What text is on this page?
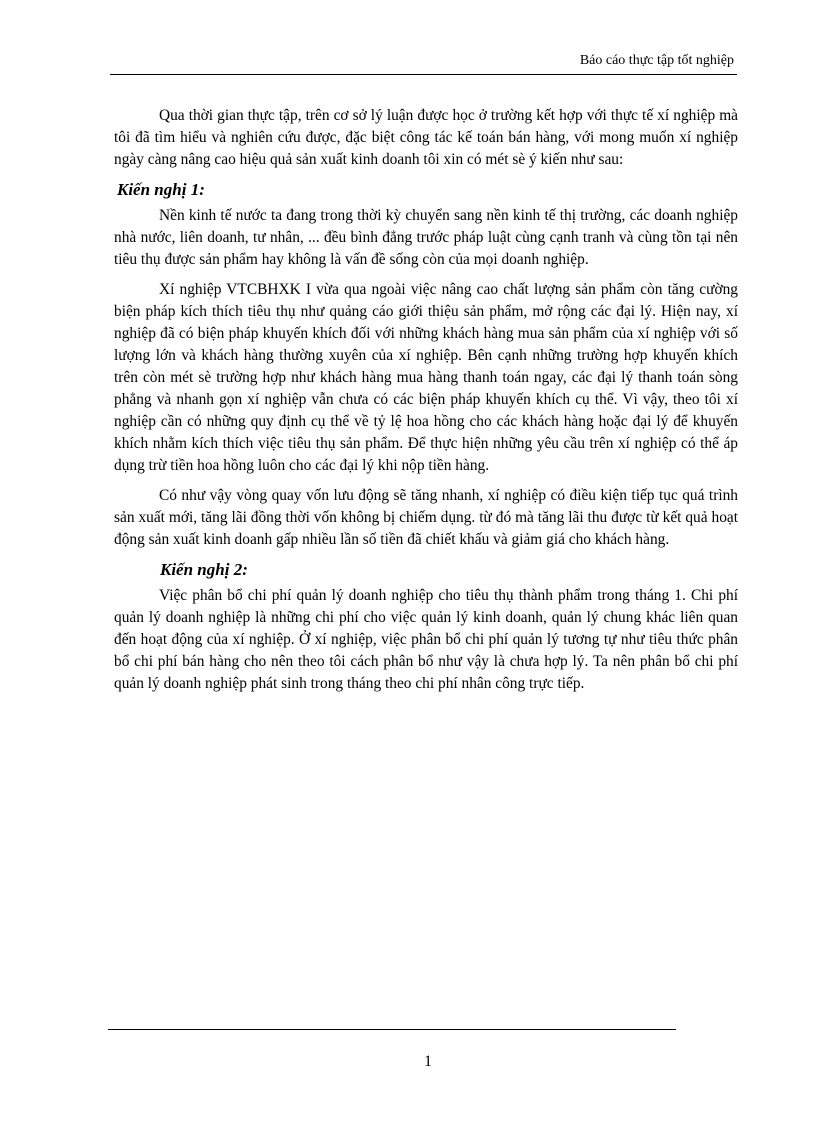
Báo cáo thực tập tốt nghiệp

Qua thời gian thực tập, trên cơ sở lý luận được học ở trường kết hợp với thực tế xí nghiệp mà tôi đã tìm hiểu và nghiên cứu được, đặc biệt công tác kế toán bán hàng, với mong muốn xí nghiệp ngày càng nâng cao hiệu quả sản xuất kinh doanh tôi xin có mét sè ý kiến như sau:

Kiến nghị 1:

Nền kinh tế nước ta đang trong thời kỳ chuyển sang nền kinh tế thị trường, các doanh nghiệp nhà nước, liên doanh, tư nhân, ... đều bình đẳng trước pháp luật cùng cạnh tranh và cùng tồn tại nên tiêu thụ được sản phẩm hay không là vấn đề sống còn của mọi doanh nghiệp.

Xí nghiệp VTCBHXK I vừa qua ngoài việc nâng cao chất lượng sản phẩm còn tăng cường biện pháp kích thích tiêu thụ như quảng cáo giới thiệu sản phẩm, mở rộng các đại lý. Hiện nay, xí nghiệp đã có biện pháp khuyến khích đối với những khách hàng mua sản phẩm của xí nghiệp với số lượng lớn và khách hàng thường xuyên của xí nghiệp. Bên cạnh những trường hợp khuyến khích trên còn mét sè trường hợp như khách hàng mua hàng thanh toán ngay, các đại lý thanh toán sòng phẳng và nhanh gọn xí nghiệp vẫn chưa có các biện pháp khuyến khích cụ thể. Vì vậy, theo tôi xí nghiệp cần có những quy định cụ thể về tỷ lệ hoa hồng cho các khách hàng hoặc đại lý để khuyến khích nhằm kích thích việc tiêu thụ sản phẩm. Để thực hiện những yêu cầu trên xí nghiệp có thể áp dụng trừ tiền hoa hồng luôn cho các đại lý khi nộp tiền hàng.

Có như vậy vòng quay vốn lưu động sẽ tăng nhanh, xí nghiệp có điều kiện tiếp tục quá trình sản xuất mới, tăng lãi đồng thời vốn không bị chiếm dụng. từ đó mà tăng lãi thu được từ kết quả hoạt động sản xuất kinh doanh gấp nhiều lần số tiền đã chiết khấu và giảm giá cho khách hàng.

Kiến nghị 2:

Việc phân bổ chi phí quản lý doanh nghiệp cho tiêu thụ thành phẩm trong tháng 1. Chi phí quản lý doanh nghiệp là những chi phí cho việc quản lý kinh doanh, quản lý chung khác liên quan đến hoạt động của xí nghiệp. Ở xí nghiệp, việc phân bổ chi phí quản lý tương tự như tiêu thức phân bổ chi phí bán hàng cho nên theo tôi cách phân bổ như vậy là chưa hợp lý. Ta nên phân bổ chi phí quản lý doanh nghiệp phát sinh trong tháng theo chi phí nhân công trực tiếp.

1
